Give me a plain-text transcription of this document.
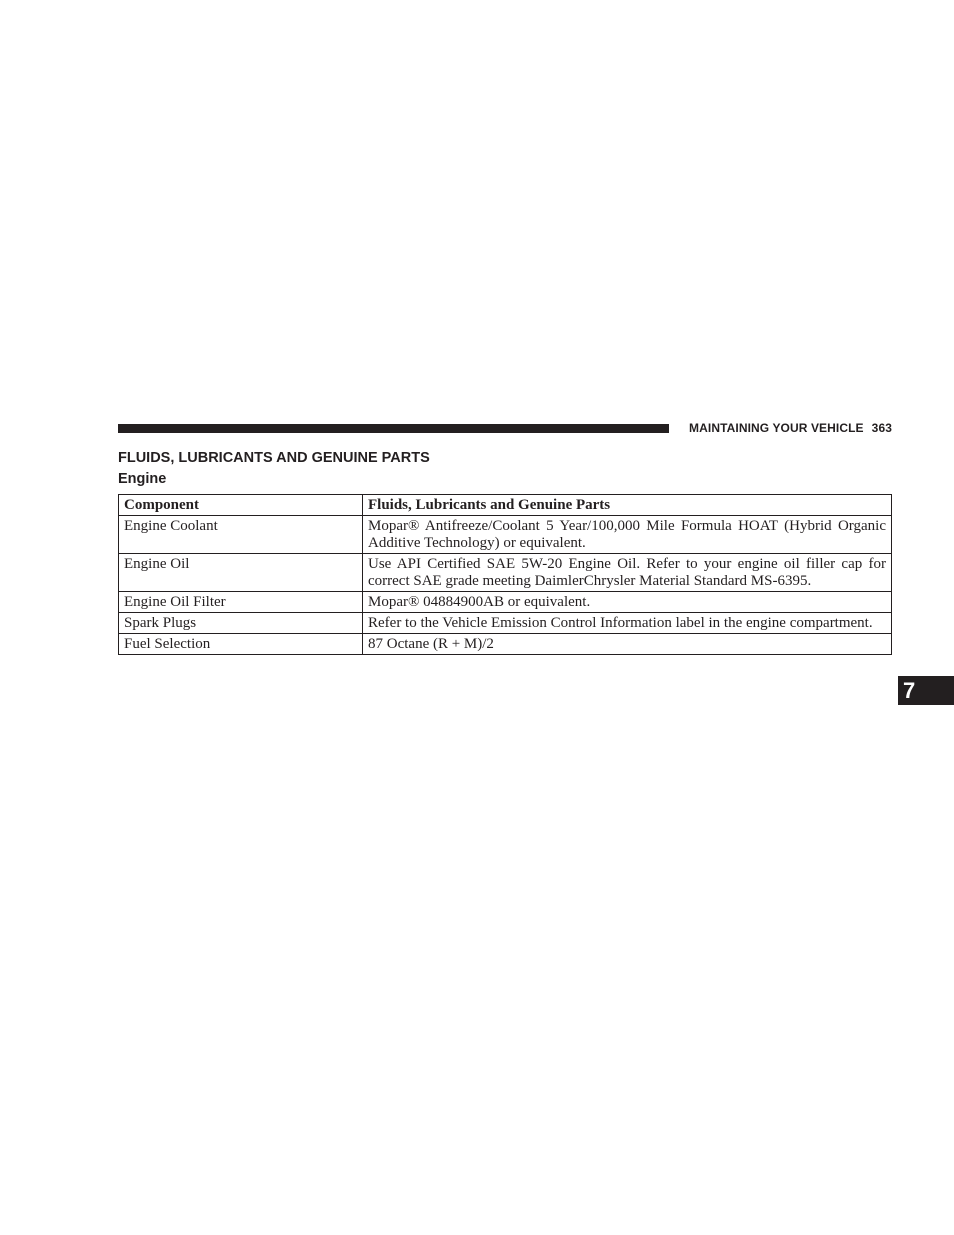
MAINTAINING YOUR VEHICLE 363
FLUIDS, LUBRICANTS AND GENUINE PARTS
Engine
Component	Fluids, Lubricants and Genuine Parts
Engine Coolant	Mopar® Antifreeze/Coolant 5 Year/100,000 Mile Formula HOAT (Hybrid Organic Additive Technology) or equivalent.
Engine Oil	Use API Certified SAE 5W-20 Engine Oil. Refer to your engine oil filler cap for correct SAE grade meeting DaimlerChrysler Material Standard MS-6395.
Engine Oil Filter	Mopar® 04884900AB or equivalent.
Spark Plugs	Refer to the Vehicle Emission Control Information label in the engine compartment.
Fuel Selection	87 Octane (R + M)/2
7
